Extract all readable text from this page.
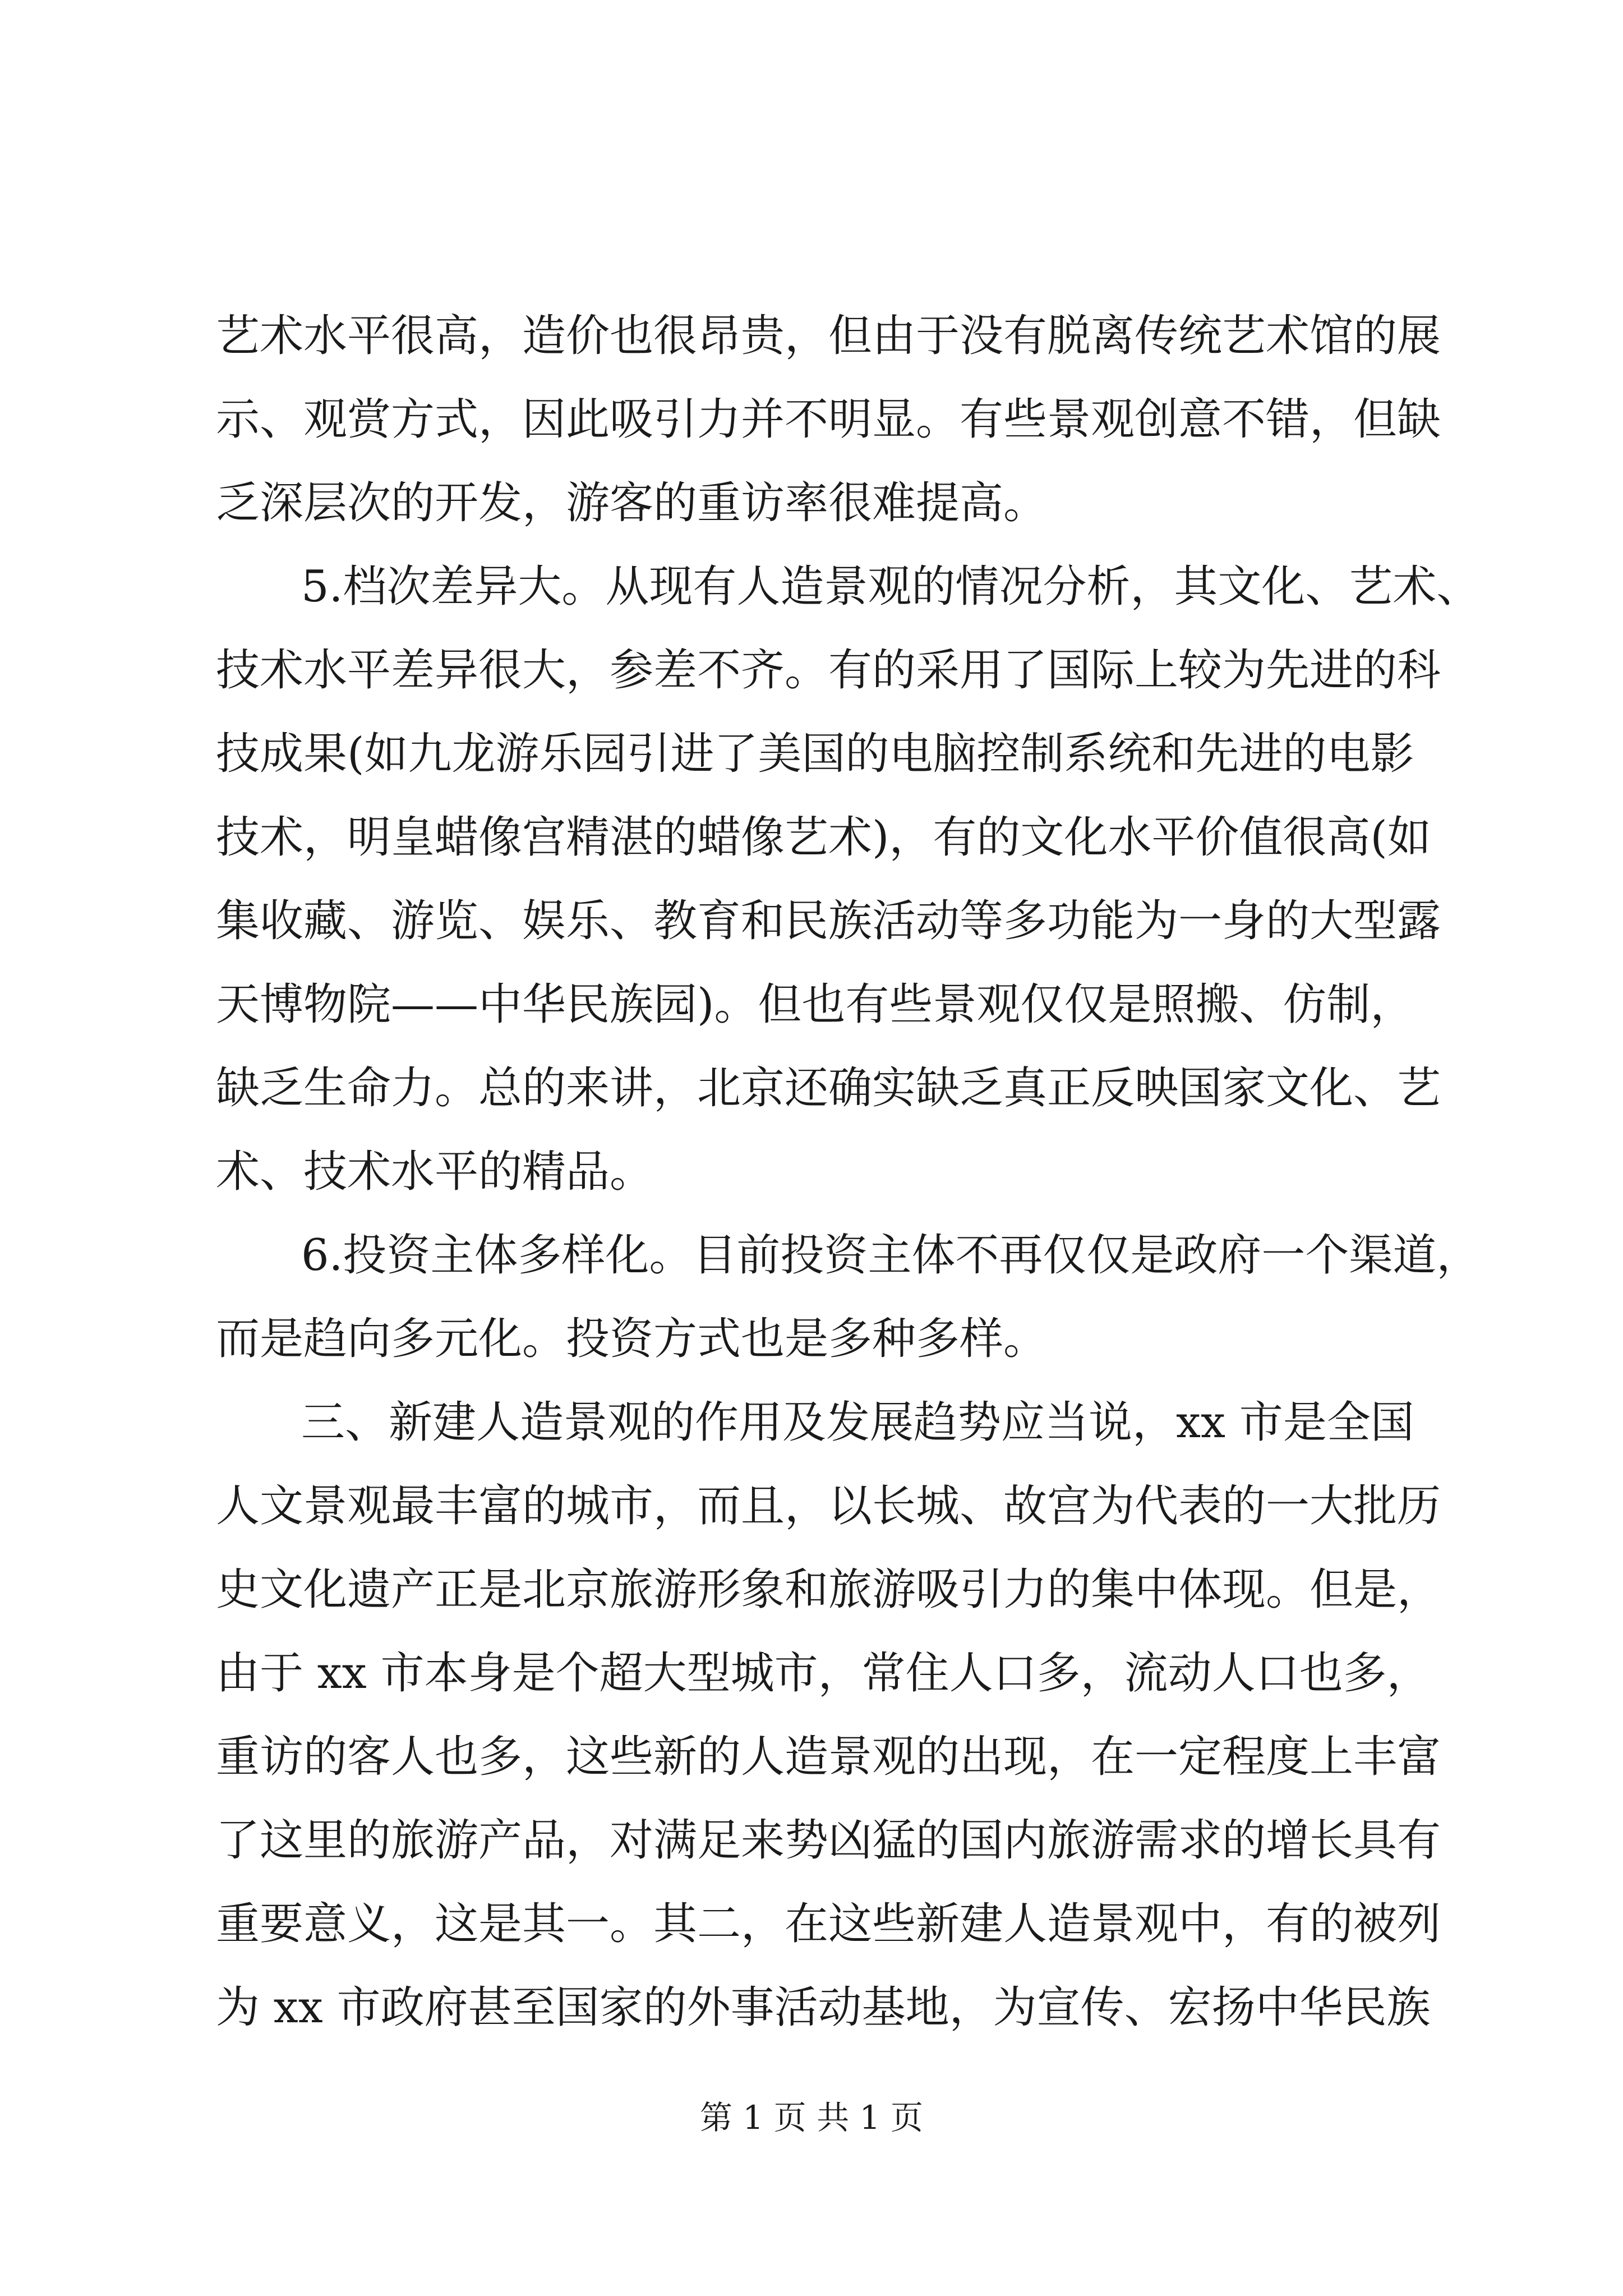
艺术水平很高，造价也很昂贵，但由于没有脱离传统艺术馆的展
示、观赏方式，因此吸引力并不明显。有些景观创意不错，但缺
乏深层次的开发，游客的重访率很难提高。
5.档次差异大。从现有人造景观的情况分析，其文化、艺术、
技术水平差异很大，参差不齐。有的采用了国际上较为先进的科
技成果(如九龙游乐园引进了美国的电脑控制系统和先进的电影
技术，明皇蜡像宫精湛的蜡像艺术)，有的文化水平价值很高(如
集收藏、游览、娱乐、教育和民族活动等多功能为一身的大型露
天博物院——中华民族园)。但也有些景观仅仅是照搬、仿制，
缺乏生命力。总的来讲，北京还确实缺乏真正反映国家文化、艺
术、技术水平的精品。
6.投资主体多样化。目前投资主体不再仅仅是政府一个渠道，
而是趋向多元化。投资方式也是多种多样。
三、新建人造景观的作用及发展趋势应当说，xx 市是全国
人文景观最丰富的城市，而且，以长城、故宫为代表的一大批历
史文化遗产正是北京旅游形象和旅游吸引力的集中体现。但是，
由于 xx 市本身是个超大型城市，常住人口多，流动人口也多，
重访的客人也多，这些新的人造景观的出现，在一定程度上丰富
了这里的旅游产品，对满足来势凶猛的国内旅游需求的增长具有
重要意义，这是其一。其二，在这些新建人造景观中，有的被列
为 xx 市政府甚至国家的外事活动基地，为宣传、宏扬中华民族
第 1 页 共 1 页
